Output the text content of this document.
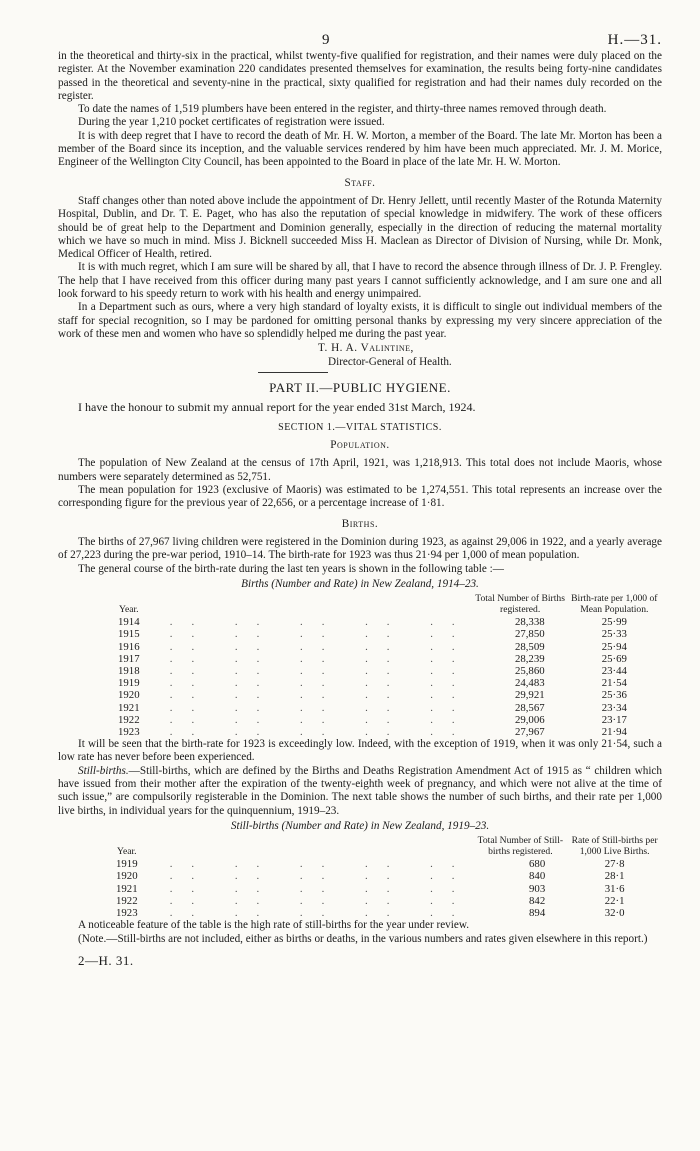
9	H.—31.

in the theoretical and thirty-six in the practical, whilst twenty-five qualified for registration, and their names were duly placed on the register. At the November examination 220 candidates presented themselves for examination, the results being forty-nine candidates passed in the theoretical and seventy-nine in the practical, sixty qualified for registration and had their names duly recorded on the register.

To date the names of 1,519 plumbers have been entered in the register, and thirty-three names removed through death.

During the year 1,210 pocket certificates of registration were issued.

It is with deep regret that I have to record the death of Mr. H. W. Morton, a member of the Board. The late Mr. Morton has been a member of the Board since its inception, and the valuable services rendered by him have been much appreciated. Mr. J. M. Morice, Engineer of the Wellington City Council, has been appointed to the Board in place of the late Mr. H. W. Morton.

Staff.

Staff changes other than noted above include the appointment of Dr. Henry Jellett, until recently Master of the Rotunda Maternity Hospital, Dublin, and Dr. T. E. Paget, who has also the reputation of special knowledge in midwifery. The work of these officers should be of great help to the Department and Dominion generally, especially in the direction of reducing the maternal mortality which we have so much in mind. Miss J. Bicknell succeeded Miss H. Maclean as Director of Division of Nursing, while Dr. Monk, Medical Officer of Health, retired.

It is with much regret, which I am sure will be shared by all, that I have to record the absence through illness of Dr. J. P. Frengley. The help that I have received from this officer during many past years I cannot sufficiently acknowledge, and I am sure one and all look forward to his speedy return to work with his health and energy unimpaired.

In a Department such as ours, where a very high standard of loyalty exists, it is difficult to single out individual members of the staff for special recognition, so I may be pardoned for omitting personal thanks by expressing my very sincere appreciation of the work of these men and women who have so splendidly helped me during the past year.

T. H. A. Valintine,
Director-General of Health.
PART II.—PUBLIC HYGIENE.

I have the honour to submit my annual report for the year ended 31st March, 1924.

SECTION 1.—VITAL STATISTICS.
Population.

The population of New Zealand at the census of 17th April, 1921, was 1,218,913. This total does not include Maoris, whose numbers were separately determined as 52,751.

The mean population for 1923 (exclusive of Maoris) was estimated to be 1,274,551. This total represents an increase over the corresponding figure for the previous year of 22,656, or a percentage increase of 1·81.

Births.

The births of 27,967 living children were registered in the Dominion during 1923, as against 29,006 in 1922, and a yearly average of 27,223 during the pre-war period, 1910–14. The birth-rate for 1923 was thus 21·94 per 1,000 of mean population.

The general course of the birth-rate during the last ten years is shown in the following table :—

Births (Number and Rate) in New Zealand, 1914–23.
Year.		Total Number of Births registered.	Birth-rate per 1,000 of Mean Population.
1914	.. .. .. .. ..	28,338	25·99
1915	.. .. .. .. ..	27,850	25·33
1916	.. .. .. .. ..	28,509	25·94
1917	.. .. .. .. ..	28,239	25·69
1918	.. .. .. .. ..	25,860	23·44
1919	.. .. .. .. ..	24,483	21·54
1920	.. .. .. .. ..	29,921	25·36
1921	.. .. .. .. ..	28,567	23·34
1922	.. .. .. .. ..	29,006	23·17
1923	.. .. .. .. ..	27,967	21·94

It will be seen that the birth-rate for 1923 is exceedingly low. Indeed, with the exception of 1919, when it was only 21·54, such a low rate has never before been experienced.

Still-births.—Still-births, which are defined by the Births and Deaths Registration Amendment Act of 1915 as “ children which have issued from their mother after the expiration of the twenty-eighth week of pregnancy, and which were not alive at the time of such issue,” are compulsorily registerable in the Dominion. The next table shows the number of such births, and their rate per 1,000 live births, in individual years for the quinquennium, 1919–23.

Still-births (Number and Rate) in New Zealand, 1919–23.
Year.		Total Number of Still-births registered.	Rate of Still-births per 1,000 Live Births.
1919	.. .. .. .. ..	680	27·8
1920	.. .. .. .. ..	840	28·1
1921	.. .. .. .. ..	903	31·6
1922	.. .. .. .. ..	842	22·1
1923	.. .. .. .. ..	894	32·0

A noticeable feature of the table is the high rate of still-births for the year under review.

(Note.—Still-births are not included, either as births or deaths, in the various numbers and rates given elsewhere in this report.)

2—H. 31.
